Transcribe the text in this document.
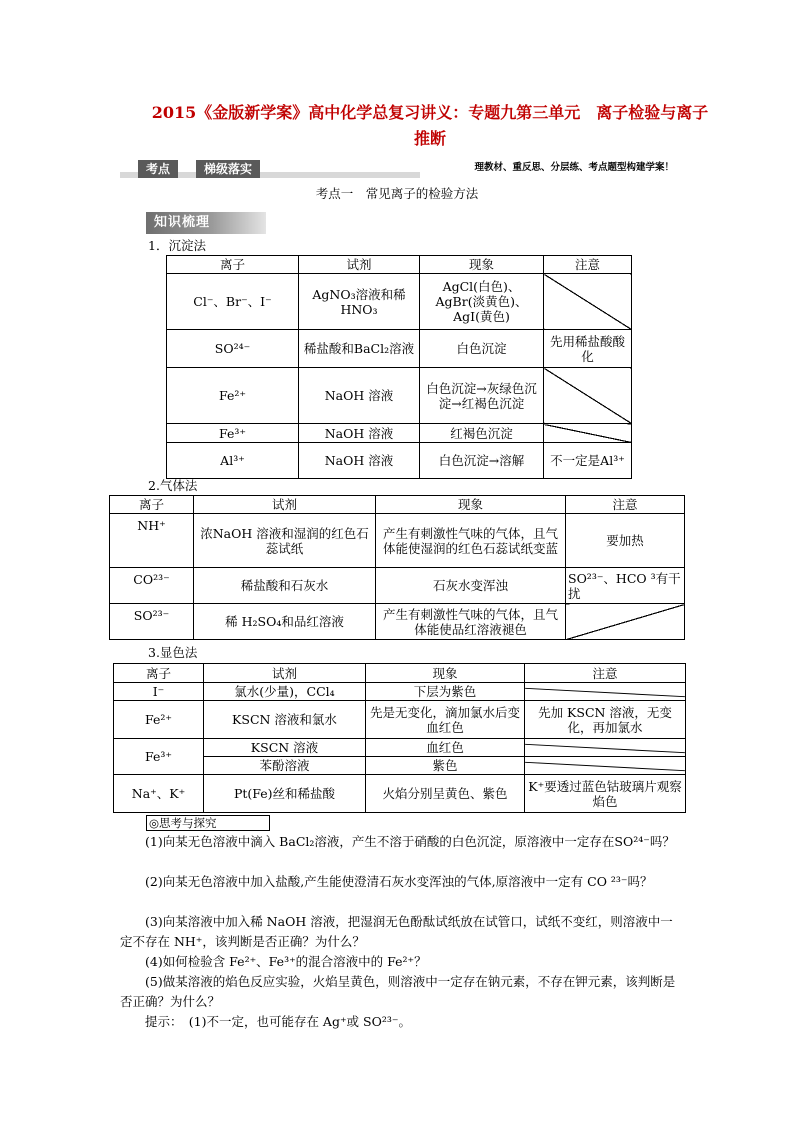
2015《金版新学案》高中化学总复习讲义：专题九第三单元　离子检验与离子推断
考点	梯级落实	理教材、重反思、分层练、考点题型构建学案！
考点一　常见离子的检验方法
知识梳理
1．沉淀法
离子	试剂	现象	注意
Cl⁻、Br⁻、I⁻	AgNO₃溶液和稀HNO₃	AgCl(白色)、AgBr(淡黄色)、AgI(黄色)	
SO²⁴⁻	稀盐酸和BaCl₂溶液	白色沉淀	先用稀盐酸酸化
Fe²⁺	NaOH 溶液	白色沉淀→灰绿色沉淀→红褐色沉淀	
Fe³⁺	NaOH 溶液	红褐色沉淀	
Al³⁺	NaOH 溶液	白色沉淀→溶解	不一定是Al³⁺
2.气体法
离子	试剂	现象	注意
NH⁺	浓NaOH 溶液和湿润的红色石蕊试纸	产生有刺激性气味的气体，且气体能使湿润的红色石蕊试纸变蓝	要加热
CO²³⁻	稀盐酸和石灰水	石灰水变浑浊	SO²³⁻、HCO ³有干扰
SO²³⁻	稀 H₂SO₄和品红溶液	产生有刺激性气味的气体，且气体能使品红溶液褪色	
3.显色法
离子	试剂	现象	注意
I⁻	氯水(少量)，CCl₄	下层为紫色	
Fe²⁺	KSCN 溶液和氯水	先是无变化，滴加氯水后变血红色	先加 KSCN 溶液，无变化，再加氯水
Fe³⁺	KSCN 溶液	血红色	
	苯酚溶液	紫色	
Na⁺、K⁺	Pt(Fe)丝和稀盐酸	火焰分别呈黄色、紫色	K⁺要透过蓝色钴玻璃片观察焰色
◎思考与探究
(1)向某无色溶液中滴入 BaCl₂溶液，产生不溶于硝酸的白色沉淀，原溶液中一定存在SO²⁴⁻吗？
(2)向某无色溶液中加入盐酸,产生能使澄清石灰水变浑浊的气体,原溶液中一定有 CO ²³⁻吗？
(3)向某溶液中加入稀 NaOH 溶液，把湿润无色酚酞试纸放在试管口，试纸不变红，则溶液中一定不存在 NH⁺，该判断是否正确？为什么？
(4)如何检验含 Fe²⁺、Fe³⁺的混合溶液中的 Fe²⁺？
(5)做某溶液的焰色反应实验，火焰呈黄色，则溶液中一定存在钠元素，不存在钾元素，该判断是否正确？为什么？
提示：　(1)不一定，也可能存在 Ag⁺或 SO²³⁻。
